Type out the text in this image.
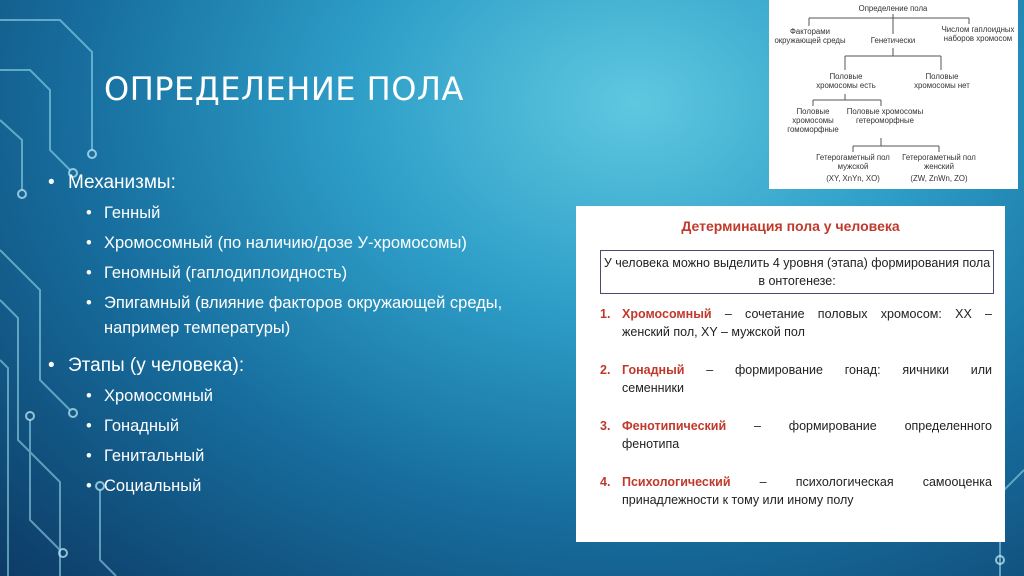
ОПРЕДЕЛЕНИЕ ПОЛА
• Механизмы:
• Генный
• Хромосомный (по наличию/дозе У-хромосомы)
• Геномный (гаплодиплоидность)
• Эпигамный (влияние факторов окружающей среды, например температуры)
• Этапы (у человека):
• Хромосомный
• Гонадный
• Генитальный
• Социальный
Определение пола
Факторами окружающей среды	Генетически
Числом гаплоидных наборов хромосом
Половые хромосомы есть
Половые хромосомы нет
Половые хромосомы гомоморфные
Половые хромосомы гетероморфные
Гетерогаметный пол мужской
(XY, XnYn, XO)
Гетерогаметный пол женский
(ZW, ZnWn, ZO)
Детерминация пола у человека
У человека можно выделить 4 уровня (этапа) формирования пола в онтогенезе:
1. Хромосомный – сочетание половых хромосом: XX –
женский пол, XY – мужской пол
2. Гонадный – формирование гонад: яичники или
семенники
3. Фенотипический – формирование определенного
фенотипа
4. Психологический – психологическая самооценка
принадлежности к тому или иному полу
